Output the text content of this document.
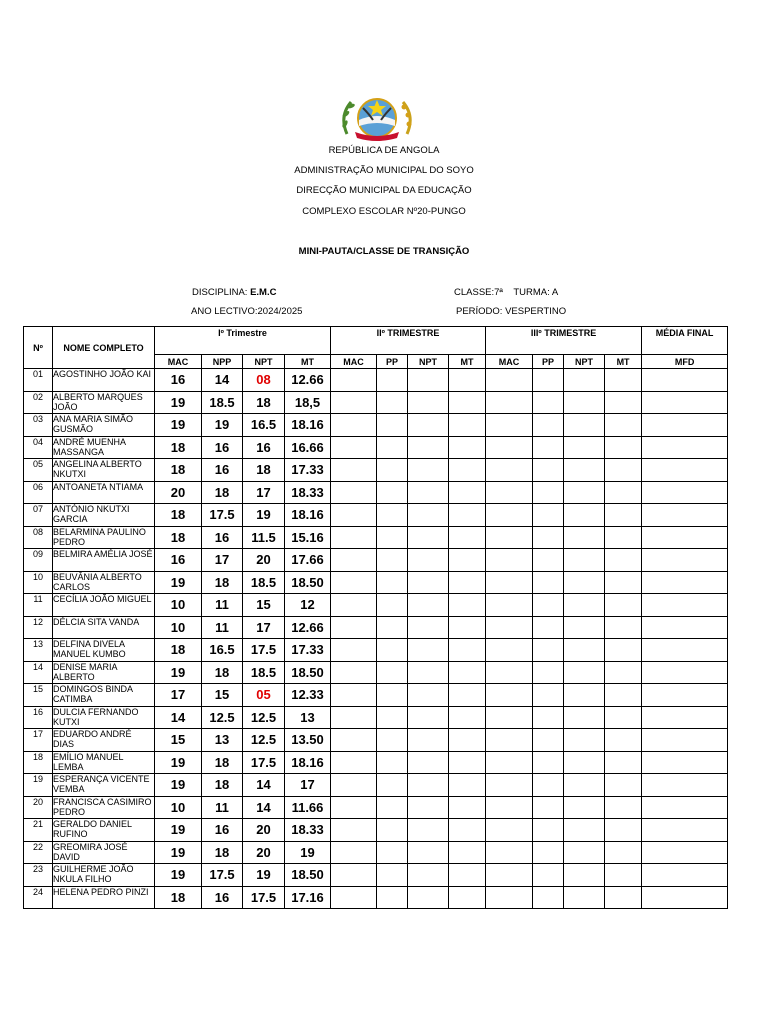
REPÚBLICA DE ANGOLA
ADMINISTRAÇÃO MUNICIPAL DO SOYO
DIRECÇÃO MUNICIPAL DA EDUCAÇÃO
COMPLEXO ESCOLAR Nº20-PUNGO
MINI-PAUTA/CLASSE DE TRANSIÇÃO
DISCIPLINA: E.M.C	CLASSE:7ª TURMA: A
ANO LECTIVO:2024/2025	PERÍODO: VESPERTINO
Nº	NOME COMPLETO	Iº Trimestre				IIº TRIMESTRE				IIIº TRIMESTRE				MÉDIA FINAL
		MAC	NPP	NPT	MT	MAC	PP	NPT	MT	MAC	PP	NPT	MT	MFD
01	AGOSTINHO JOÃO KAI	16	14	08	12.66									
02	ALBERTO MARQUES JOÃO	19	18.5	18	18,5									
03	ANA MARIA SIMÃO GUSMÃO	19	19	16.5	18.16									
04	ANDRÉ MUENHA MASSANGA	18	16	16	16.66									
05	ANGELINA ALBERTO NKUTXI	18	16	18	17.33									
06	ANTOANETA NTIAMA	20	18	17	18.33									
07	ANTÓNIO NKUTXI GARCIA	18	17.5	19	18.16									
08	BELARMINA PAULINO PEDRO	18	16	11.5	15.16									
09	BELMIRA AMÉLIA JOSÉ	16	17	20	17.66									
10	BEUVÂNIA ALBERTO CARLOS	19	18	18.5	18.50									
11	CECÍLIA JOÃO MIGUEL	10	11	15	12									
12	DÉLCIA SITA VANDA	10	11	17	12.66									
13	DELFINA DIVELA MANUEL KUMBO	18	16.5	17.5	17.33									
14	DENISE MARIA ALBERTO	19	18	18.5	18.50									
15	DOMINGOS BINDA CATIMBA	17	15	05	12.33									
16	DULCIA FERNANDO KUTXI	14	12.5	12.5	13									
17	EDUARDO ANDRÉ DIAS	15	13	12.5	13.50									
18	EMÍLIO MANUEL LEMBA	19	18	17.5	18.16									
19	ESPERANÇA VICENTE VEMBA	19	18	14	17									
20	FRANCISCA CASIMIRO PEDRO	10	11	14	11.66									
21	GERALDO DANIEL RUFINO	19	16	20	18.33									
22	GREOMIRA JOSÉ DAVID	19	18	20	19									
23	GUILHERME JOÃO NKULA FILHO	19	17.5	19	18.50									
24	HELENA PEDRO PINZI	18	16	17.5	17.16									
